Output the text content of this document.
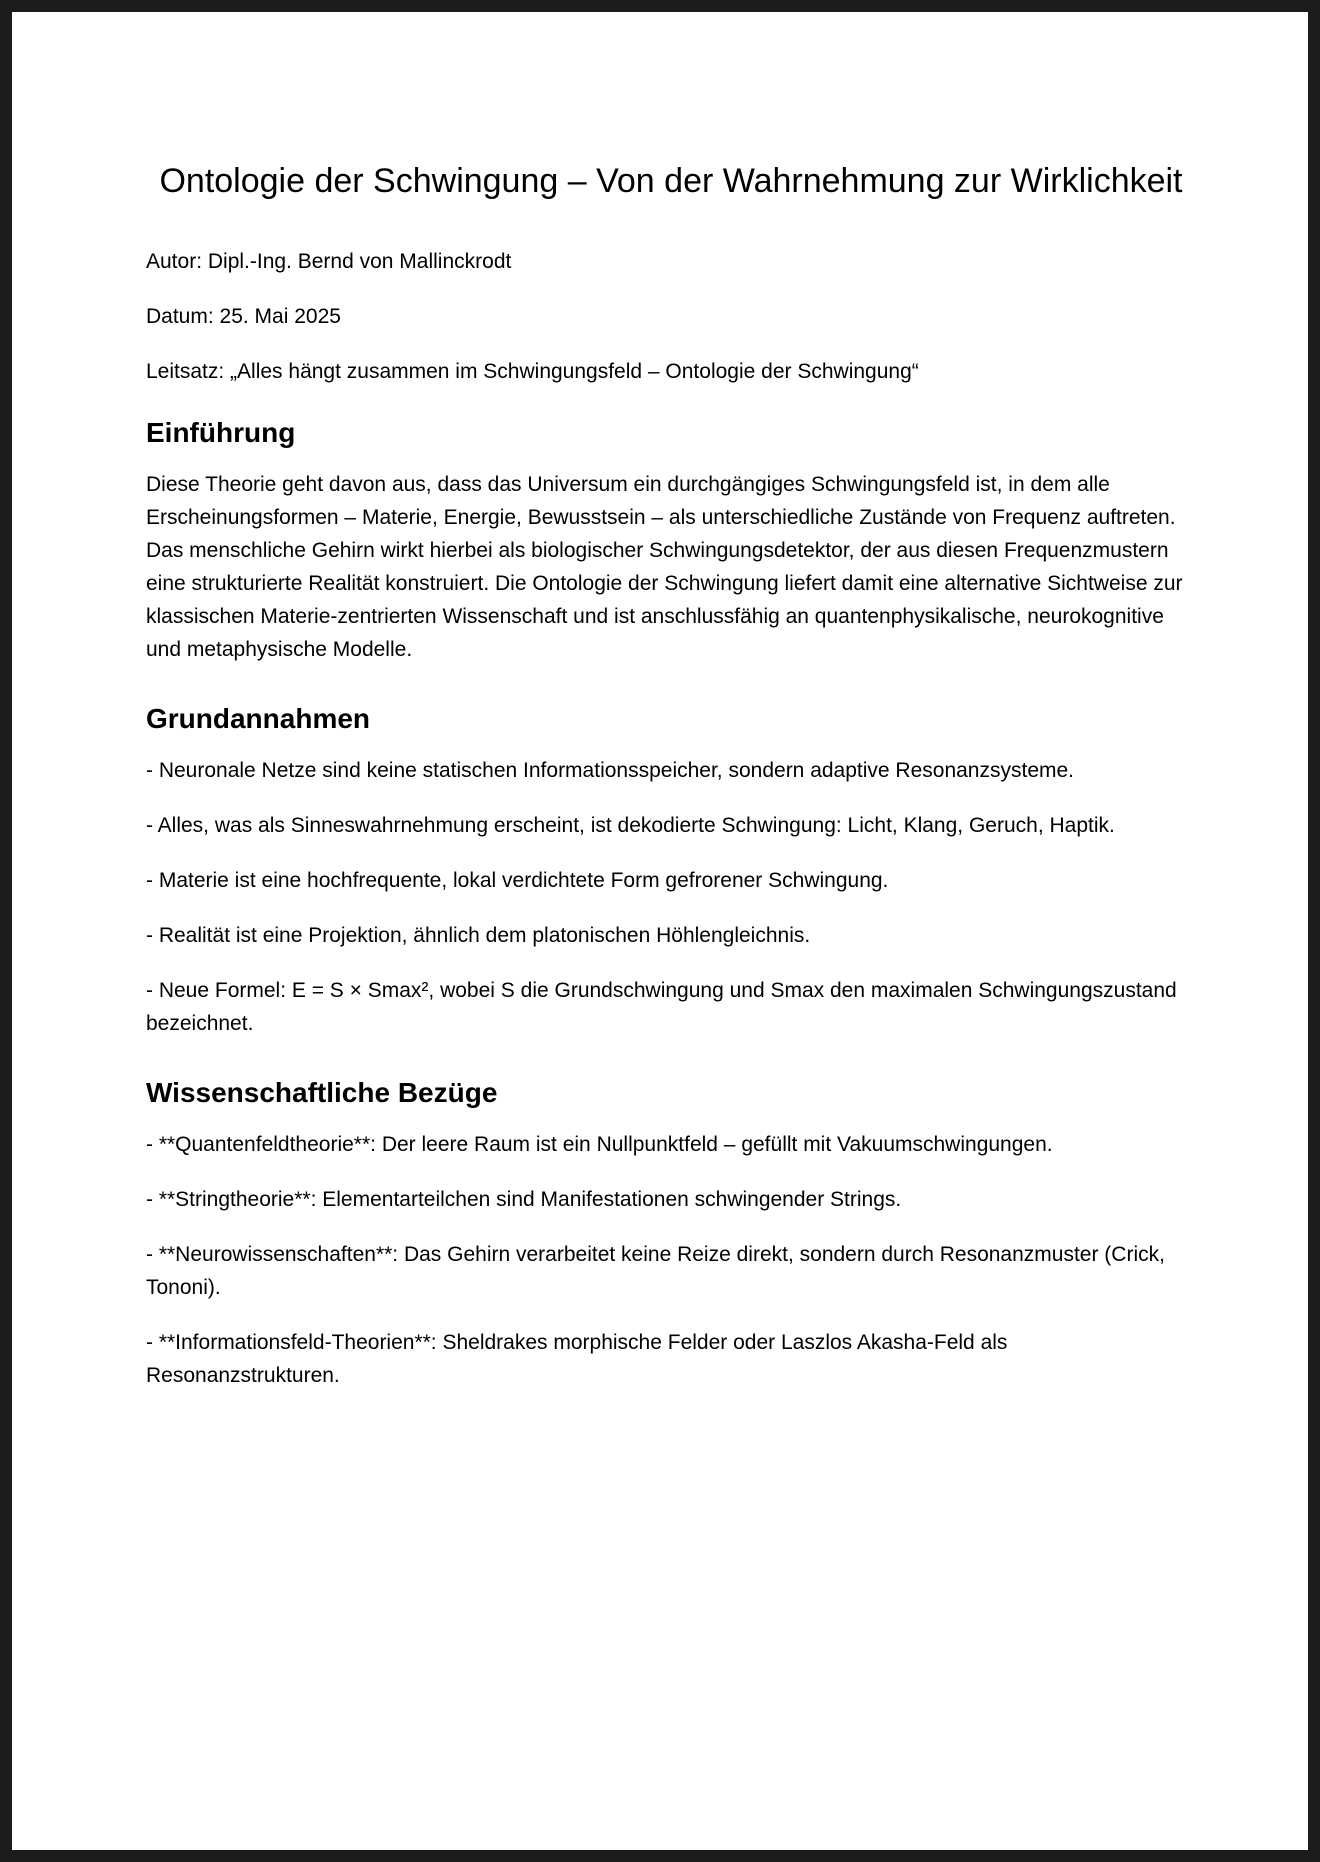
Ontologie der Schwingung – Von der Wahrnehmung zur Wirklichkeit

Autor: Dipl.-Ing. Bernd von Mallinckrodt

Datum: 25. Mai 2025

Leitsatz: „Alles hängt zusammen im Schwingungsfeld – Ontologie der Schwingung“

Einführung

Diese Theorie geht davon aus, dass das Universum ein durchgängiges Schwingungsfeld ist, in dem alle Erscheinungsformen – Materie, Energie, Bewusstsein – als unterschiedliche Zustände von Frequenz auftreten. Das menschliche Gehirn wirkt hierbei als biologischer Schwingungsdetektor, der aus diesen Frequenzmustern eine strukturierte Realität konstruiert. Die Ontologie der Schwingung liefert damit eine alternative Sichtweise zur klassischen Materie-zentrierten Wissenschaft und ist anschlussfähig an quantenphysikalische, neurokognitive und metaphysische Modelle.

Grundannahmen

- Neuronale Netze sind keine statischen Informationsspeicher, sondern adaptive Resonanzsysteme.

- Alles, was als Sinneswahrnehmung erscheint, ist dekodierte Schwingung: Licht, Klang, Geruch, Haptik.

- Materie ist eine hochfrequente, lokal verdichtete Form gefrorener Schwingung.

- Realität ist eine Projektion, ähnlich dem platonischen Höhlengleichnis.

- Neue Formel: E = S × Smax², wobei S die Grundschwingung und Smax den maximalen Schwingungszustand bezeichnet.

Wissenschaftliche Bezüge

- **Quantenfeldtheorie**: Der leere Raum ist ein Nullpunktfeld – gefüllt mit Vakuumschwingungen.

- **Stringtheorie**: Elementarteilchen sind Manifestationen schwingender Strings.

- **Neurowissenschaften**: Das Gehirn verarbeitet keine Reize direkt, sondern durch Resonanzmuster (Crick, Tononi).

- **Informationsfeld-Theorien**: Sheldrakes morphische Felder oder Laszlos Akasha-Feld als Resonanzstrukturen.
